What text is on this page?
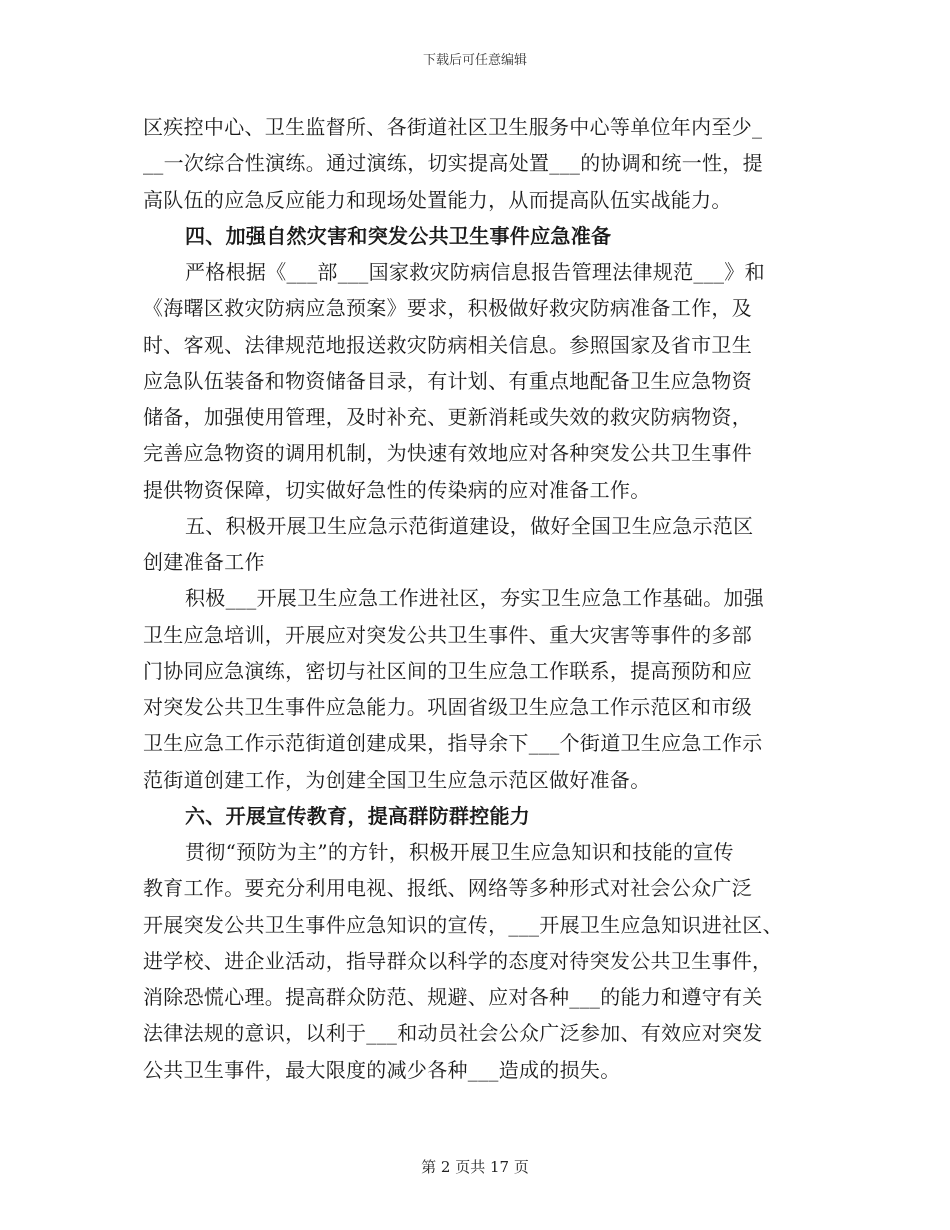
下载后可任意编辑
区疾控中心、卫生监督所、各街道社区卫生服务中心等单位年内至少_
__一次综合性演练。通过演练，切实提高处置___的协调和统一性，提
高队伍的应急反应能力和现场处置能力，从而提高队伍实战能力。
四、加强自然灾害和突发公共卫生事件应急准备
严格根据《___部___国家救灾防病信息报告管理法律规范___》和
《海曙区救灾防病应急预案》要求，积极做好救灾防病准备工作，及
时、客观、法律规范地报送救灾防病相关信息。参照国家及省市卫生
应急队伍装备和物资储备目录，有计划、有重点地配备卫生应急物资
储备，加强使用管理，及时补充、更新消耗或失效的救灾防病物资，
完善应急物资的调用机制，为快速有效地应对各种突发公共卫生事件
提供物资保障，切实做好急性的传染病的应对准备工作。
五、积极开展卫生应急示范街道建设，做好全国卫生应急示范区
创建准备工作
积极___开展卫生应急工作进社区，夯实卫生应急工作基础。加强
卫生应急培训，开展应对突发公共卫生事件、重大灾害等事件的多部
门协同应急演练，密切与社区间的卫生应急工作联系，提高预防和应
对突发公共卫生事件应急能力。巩固省级卫生应急工作示范区和市级
卫生应急工作示范街道创建成果，指导余下___个街道卫生应急工作示
范街道创建工作，为创建全国卫生应急示范区做好准备。
六、开展宣传教育，提高群防群控能力
贯彻“预防为主”的方针，积极开展卫生应急知识和技能的宣传
教育工作。要充分利用电视、报纸、网络等多种形式对社会公众广泛
开展突发公共卫生事件应急知识的宣传，___开展卫生应急知识进社区、
进学校、进企业活动，指导群众以科学的态度对待突发公共卫生事件，
消除恐慌心理。提高群众防范、规避、应对各种___的能力和遵守有关
法律法规的意识，以利于___和动员社会公众广泛参加、有效应对突发
公共卫生事件，最大限度的减少各种___造成的损失。
第 2 页共 17 页
